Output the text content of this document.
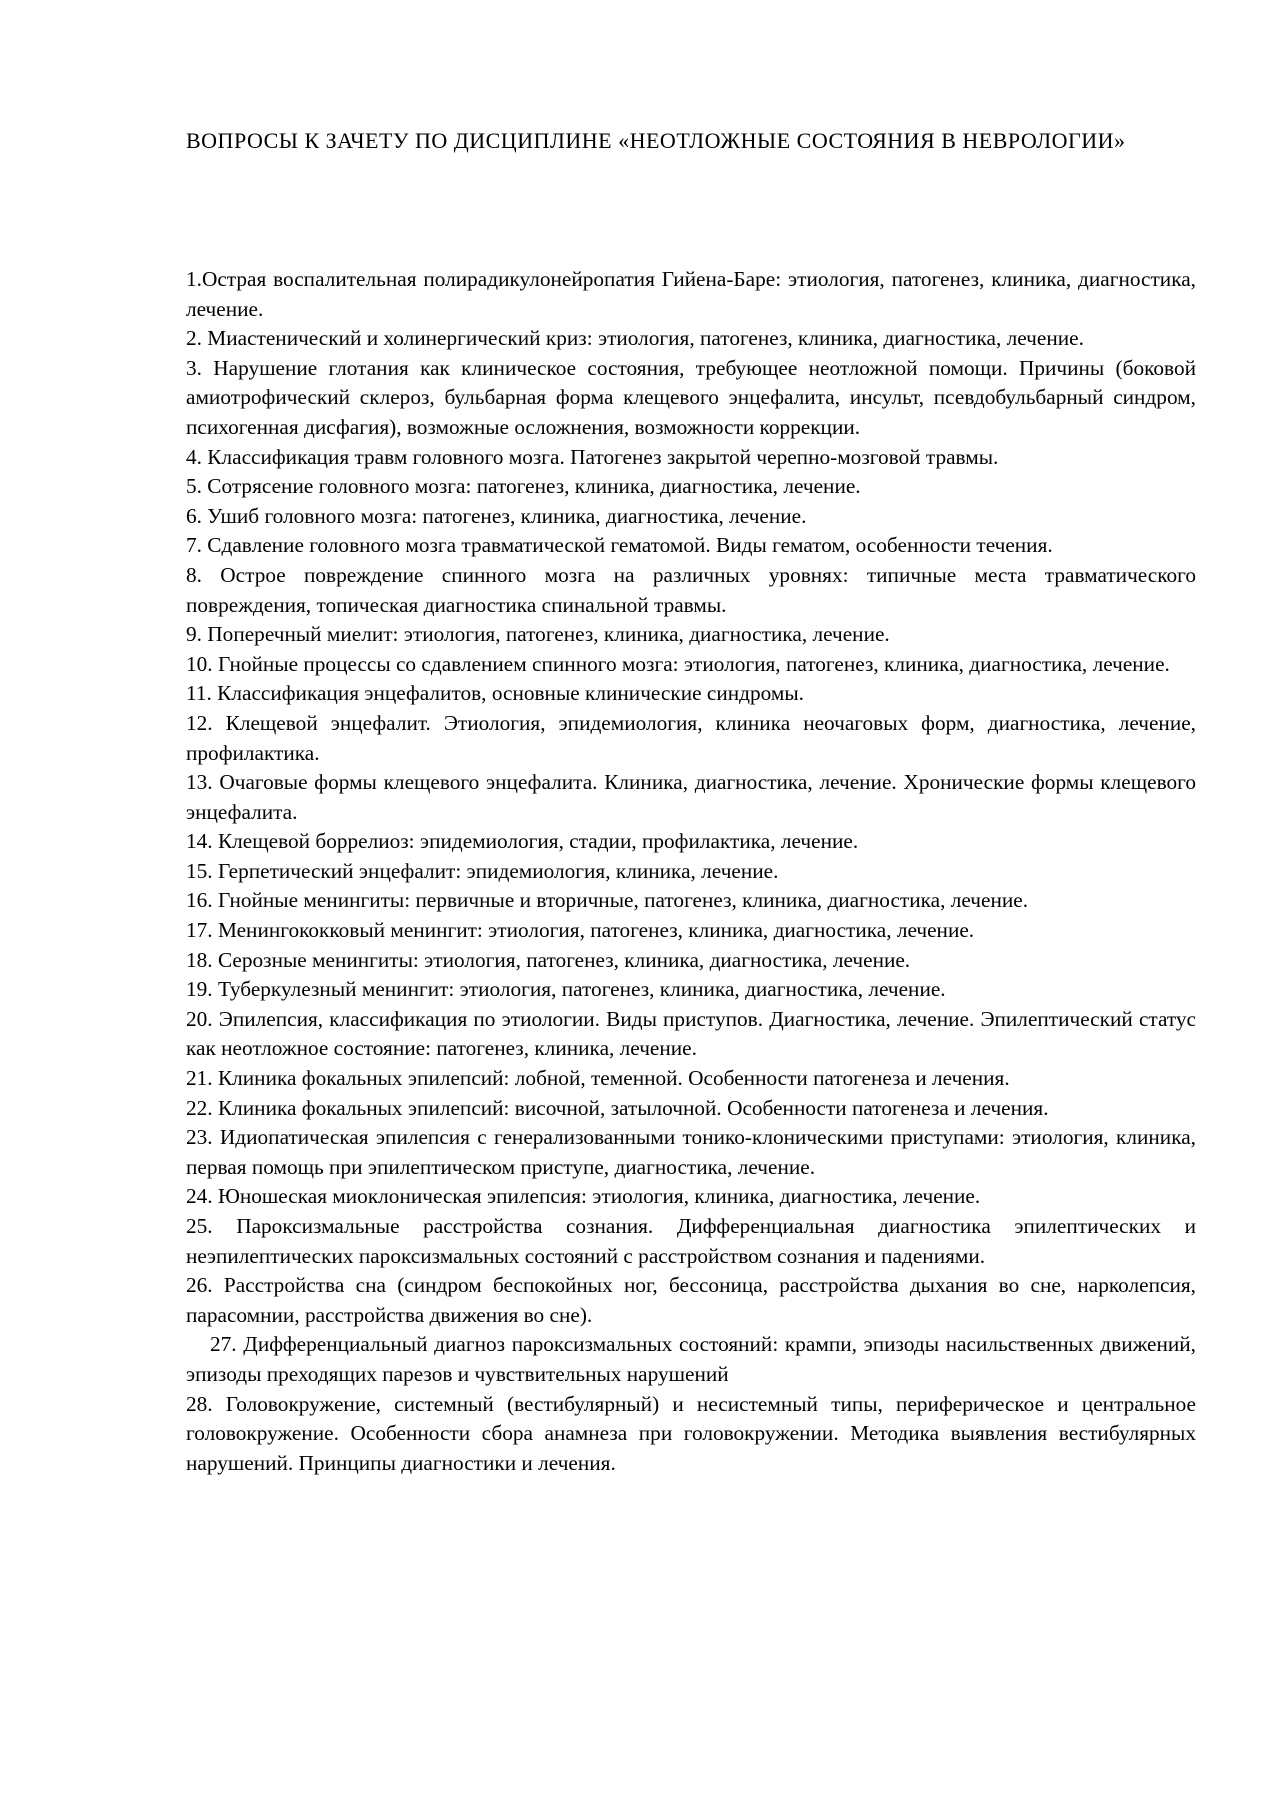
ВОПРОСЫ К ЗАЧЕТУ ПО ДИСЦИПЛИНЕ «НЕОТЛОЖНЫЕ СОСТОЯНИЯ В НЕВРОЛОГИИ»
1.Острая воспалительная полирадикулонейропатия Гийена-Баре: этиология, патогенез, клиника, диагностика, лечение.
2. Миастенический и холинергический криз: этиология, патогенез, клиника, диагностика, лечение.
3. Нарушение глотания как клиническое состояния, требующее неотложной помощи. Причины (боковой амиотрофический склероз, бульбарная форма клещевого энцефалита, инсульт, псевдобульбарный синдром, психогенная дисфагия), возможные осложнения, возможности коррекции.
4. Классификация травм головного мозга. Патогенез закрытой черепно-мозговой травмы.
5. Сотрясение головного мозга: патогенез, клиника, диагностика, лечение.
6. Ушиб головного мозга: патогенез, клиника, диагностика, лечение.
7. Сдавление головного мозга травматической гематомой. Виды гематом, особенности течения.
8. Острое повреждение спинного мозга на различных уровнях: типичные места травматического повреждения, топическая диагностика спинальной травмы.
9. Поперечный миелит: этиология, патогенез, клиника, диагностика, лечение.
10. Гнойные процессы со сдавлением спинного мозга: этиология, патогенез, клиника, диагностика, лечение.
11. Классификация энцефалитов, основные клинические синдромы.
12. Клещевой энцефалит. Этиология, эпидемиология, клиника неочаговых форм, диагностика, лечение, профилактика.
13. Очаговые формы клещевого энцефалита. Клиника, диагностика, лечение. Хронические формы клещевого энцефалита.
14. Клещевой боррелиоз: эпидемиология, стадии, профилактика, лечение.
15. Герпетический энцефалит: эпидемиология, клиника, лечение.
16. Гнойные менингиты: первичные и вторичные, патогенез, клиника, диагностика, лечение.
17. Менингококковый менингит: этиология, патогенез, клиника, диагностика, лечение.
18. Серозные менингиты: этиология, патогенез, клиника, диагностика, лечение.
19. Туберкулезный менингит: этиология, патогенез, клиника, диагностика, лечение.
20. Эпилепсия, классификация по этиологии. Виды приступов. Диагностика, лечение. Эпилептический статус как неотложное состояние: патогенез, клиника, лечение.
21. Клиника фокальных эпилепсий: лобной, теменной. Особенности патогенеза и лечения.
22. Клиника фокальных эпилепсий: височной, затылочной. Особенности патогенеза и лечения.
23. Идиопатическая эпилепсия с генерализованными тонико-клоническими приступами: этиология, клиника, первая помощь при эпилептическом приступе, диагностика, лечение.
24. Юношеская миоклоническая эпилепсия: этиология, клиника, диагностика, лечение.
25. Пароксизмальные расстройства сознания. Дифференциальная диагностика эпилептических и неэпилептических пароксизмальных состояний с расстройством сознания и падениями.
26. Расстройства сна (синдром беспокойных ног, бессоница, расстройства дыхания во сне, нарколепсия, парасомнии, расстройства движения во сне).
27. Дифференциальный диагноз пароксизмальных состояний: крампи, эпизоды насильственных движений, эпизоды преходящих парезов и чувствительных нарушений
28. Головокружение, системный (вестибулярный) и несистемный типы, периферическое и центральное головокружение. Особенности сбора анамнеза при головокружении. Методика выявления вестибулярных нарушений. Принципы диагностики и лечения.
